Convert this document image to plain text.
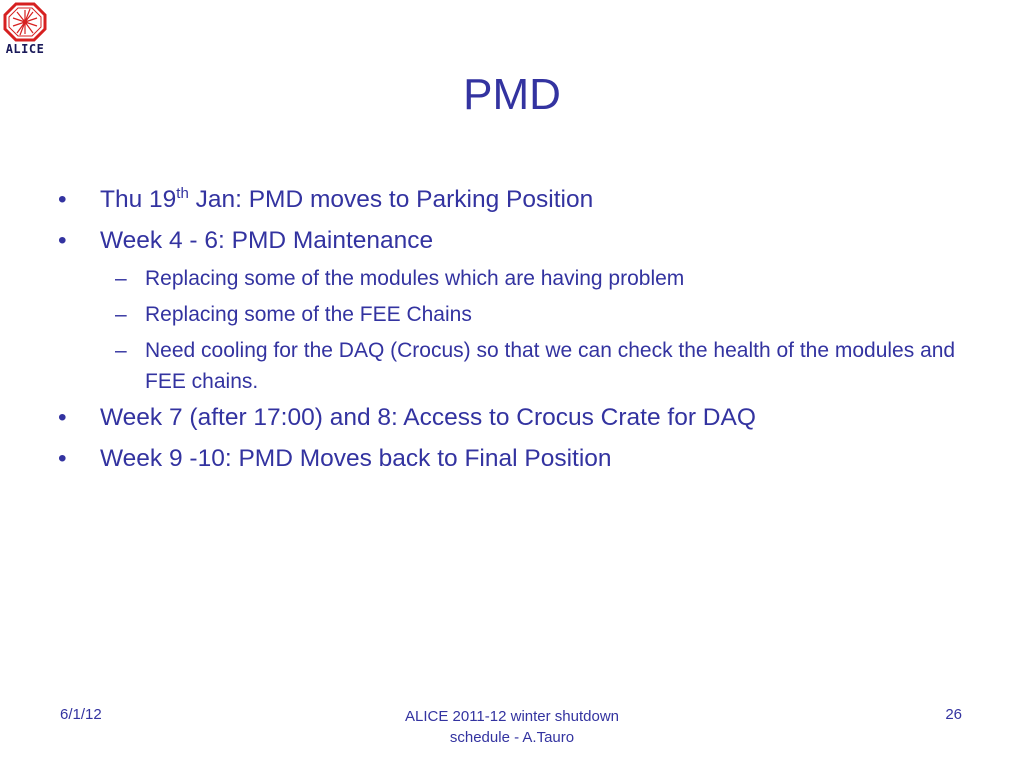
ALICE
PMD
• Thu 19th Jan: PMD moves to Parking Position
• Week 4 - 6: PMD Maintenance
– Replacing some of the modules which are having problem
– Replacing some of the FEE Chains
– Need cooling for the DAQ (Crocus) so that we can check the health of the modules and FEE chains.
• Week 7 (after 17:00) and 8: Access to Crocus Crate for DAQ
• Week 9 -10: PMD Moves back to Final Position
6/1/12	ALICE 2011-12 winter shutdown
schedule - A.Tauro
26
